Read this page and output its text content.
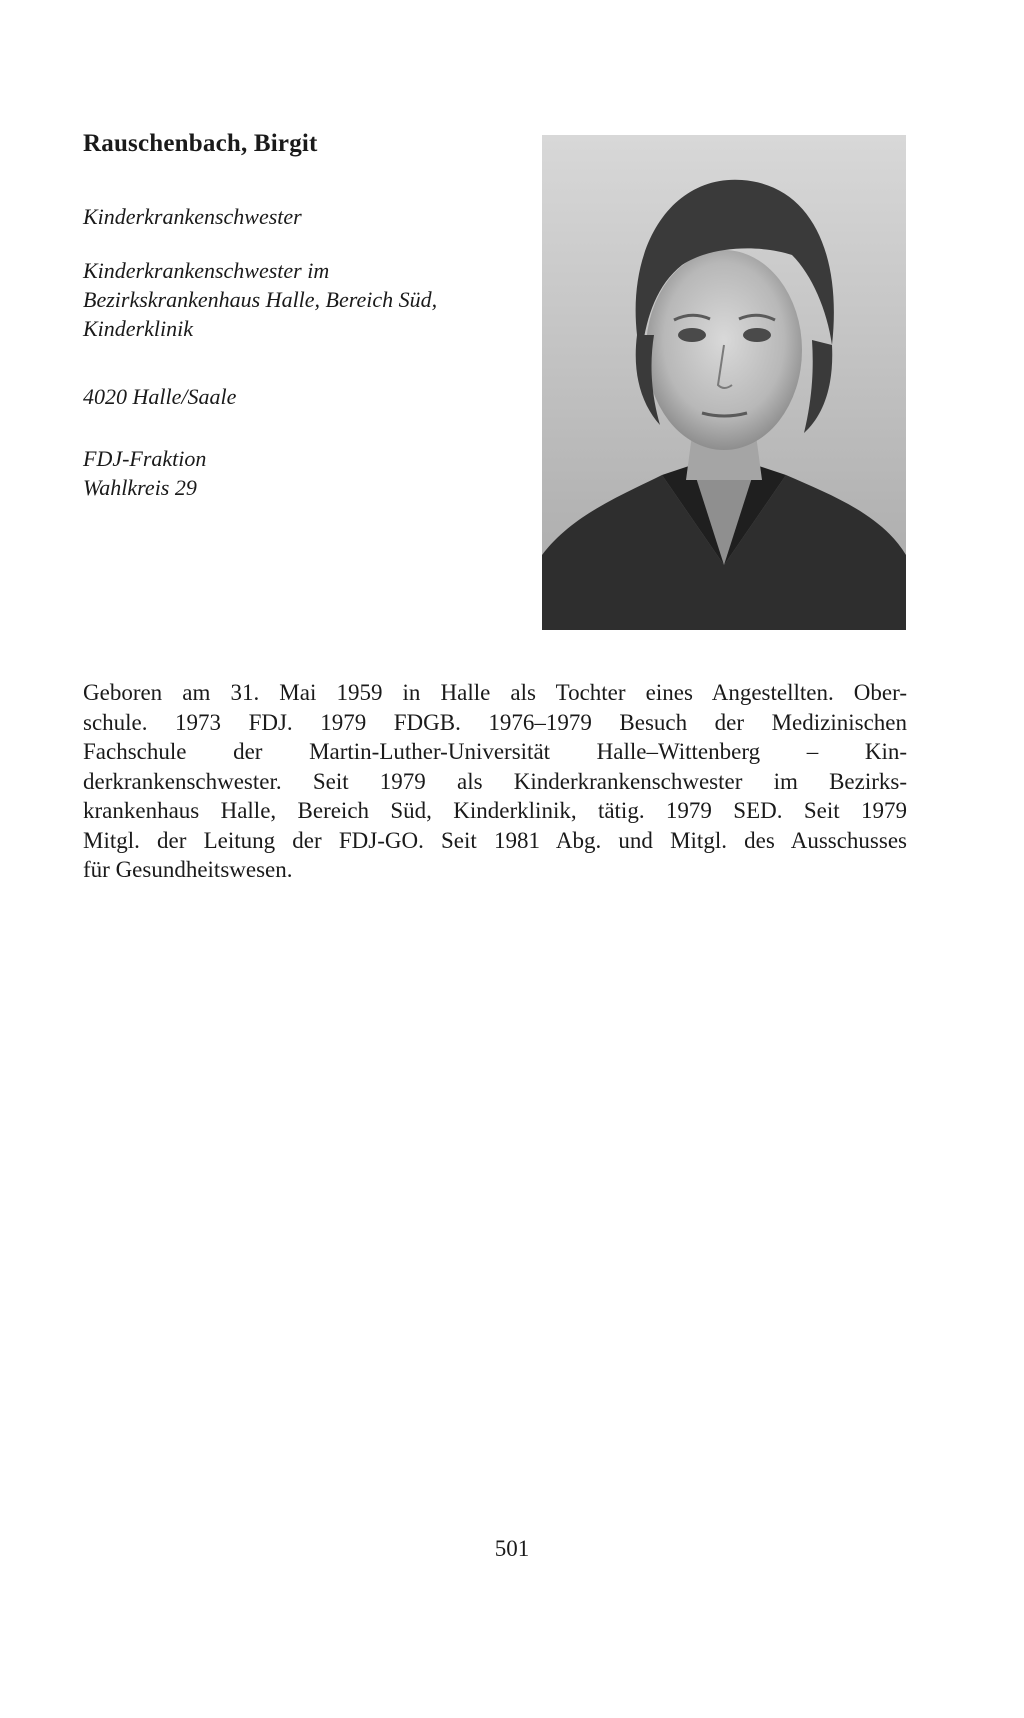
Rauschenbach, Birgit
Kinderkrankenschwester
Kinderkrankenschwester im
Bezirkskrankenhaus Halle, Bereich Süd,
Kinderklinik
4020 Halle/Saale
FDJ-Fraktion
Wahlkreis 29
Geboren am 31. Mai 1959 in Halle als Tochter eines Angestellten. Ober-
schule. 1973 FDJ. 1979 FDGB. 1976–1979 Besuch der Medizinischen
Fachschule der Martin-Luther-Universität Halle–Wittenberg – Kin-
derkrankenschwester. Seit 1979 als Kinderkrankenschwester im Bezirks-
krankenhaus Halle, Bereich Süd, Kinderklinik, tätig. 1979 SED. Seit 1979
Mitgl. der Leitung der FDJ-GO. Seit 1981 Abg. und Mitgl. des Ausschusses
für Gesundheitswesen.
501
